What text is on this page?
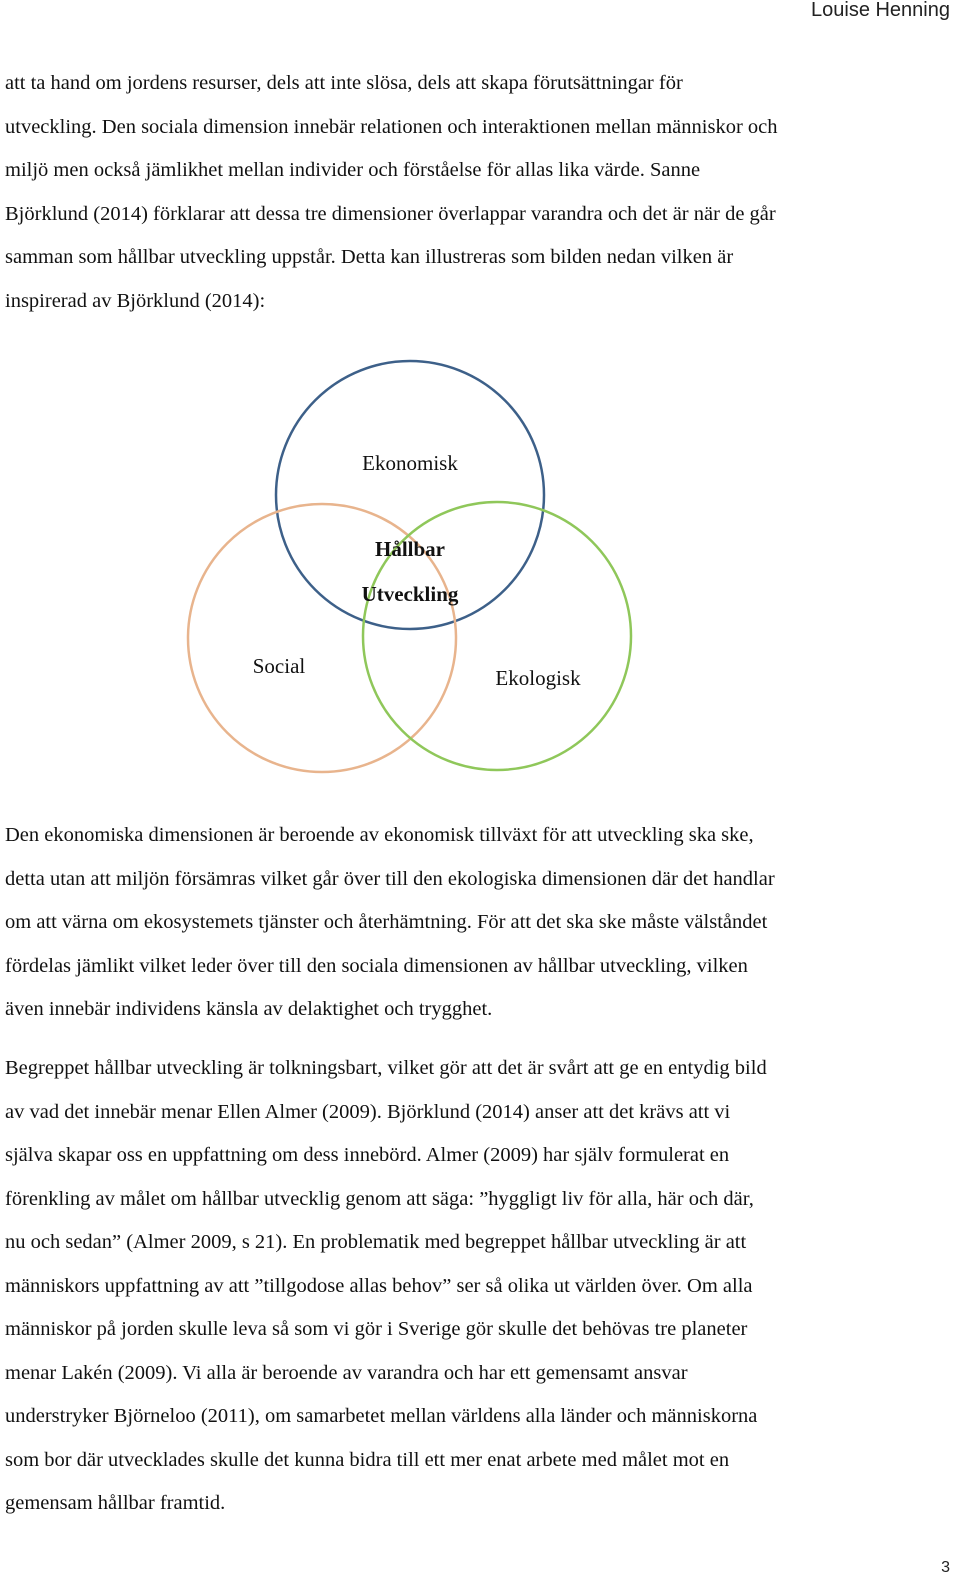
Louise Henning
att ta hand om jordens resurser, dels att inte slösa, dels att skapa förutsättningar för
utveckling. Den sociala dimension innebär relationen och interaktionen mellan människor och
miljö men också jämlikhet mellan individer och förståelse för allas lika värde. Sanne
Björklund (2014) förklarar att dessa tre dimensioner överlappar varandra och det är när de går
samman som hållbar utveckling uppstår. Detta kan illustreras som bilden nedan vilken är
inspirerad av Björklund (2014):
Ekonomisk
Hållbar
Utveckling
Social	Ekologisk
Den ekonomiska dimensionen är beroende av ekonomisk tillväxt för att utveckling ska ske,
detta utan att miljön försämras vilket går över till den ekologiska dimensionen där det handlar
om att värna om ekosystemets tjänster och återhämtning. För att det ska ske måste välståndet
fördelas jämlikt vilket leder över till den sociala dimensionen av hållbar utveckling, vilken
även innebär individens känsla av delaktighet och trygghet.
Begreppet hållbar utveckling är tolkningsbart, vilket gör att det är svårt att ge en entydig bild
av vad det innebär menar Ellen Almer (2009). Björklund (2014) anser att det krävs att vi
själva skapar oss en uppfattning om dess innebörd. Almer (2009) har själv formulerat en
förenkling av målet om hållbar utvecklig genom att säga: ”hyggligt liv för alla, här och där,
nu och sedan” (Almer 2009, s 21). En problematik med begreppet hållbar utveckling är att
människors uppfattning av att ”tillgodose allas behov” ser så olika ut världen över. Om alla
människor på jorden skulle leva så som vi gör i Sverige gör skulle det behövas tre planeter
menar Lakén (2009). Vi alla är beroende av varandra och har ett gemensamt ansvar
understryker Björneloo (2011), om samarbetet mellan världens alla länder och människorna
som bor där utvecklades skulle det kunna bidra till ett mer enat arbete med målet mot en
gemensam hållbar framtid.
3
